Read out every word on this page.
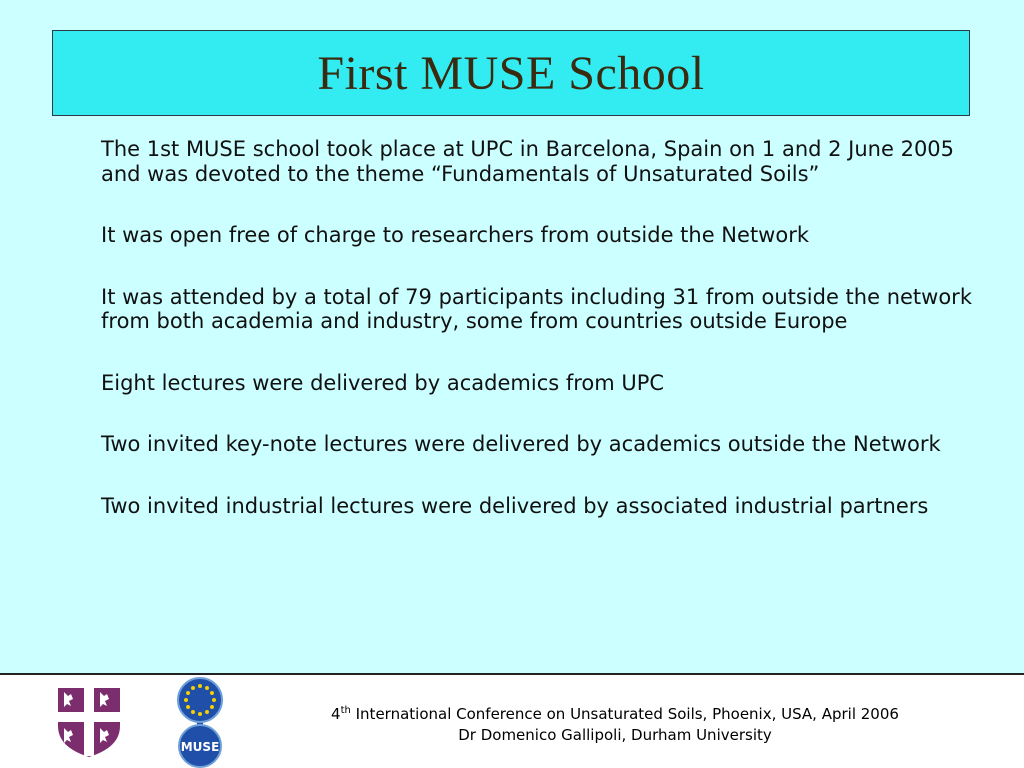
First MUSE School
The 1st MUSE school took place at UPC in Barcelona, Spain on 1 and 2 June 2005 and was devoted to the theme “Fundamentals of Unsaturated Soils”
It was open free of charge to researchers from outside the Network
It was attended by a total of 79 participants including 31 from outside the network from both academia and industry, some from countries outside Europe
Eight lectures were delivered by academics from UPC
Two invited key-note lectures were delivered by academics outside the Network
Two invited industrial lectures were delivered by associated industrial partners
MUSE
4th International Conference on Unsaturated Soils, Phoenix, USA, April 2006
Dr Domenico Gallipoli, Durham University
